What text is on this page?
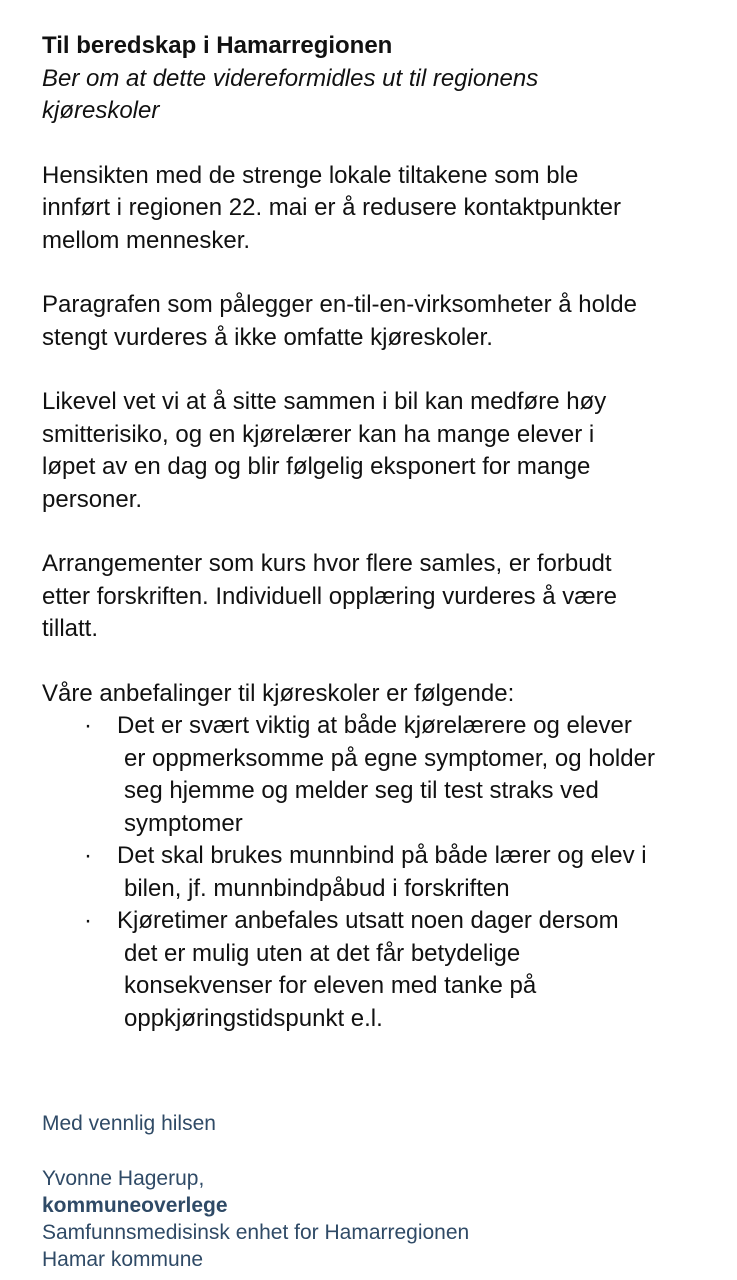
Til beredskap i Hamarregionen
Ber om at dette videreformidles ut til regionens
kjøreskoler
Hensikten med de strenge lokale tiltakene som ble
innført i regionen 22. mai er å redusere kontaktpunkter
mellom mennesker.
Paragrafen som pålegger en-til-en-virksomheter å holde
stengt vurderes å ikke omfatte kjøreskoler.
Likevel vet vi at å sitte sammen i bil kan medføre høy
smitterisiko, og en kjørelærer kan ha mange elever i
løpet av en dag og blir følgelig eksponert for mange
personer.
Arrangementer som kurs hvor flere samles, er forbudt
etter forskriften. Individuell opplæring vurderes å være
tillatt.
Våre anbefalinger til kjøreskoler er følgende:
· Det er svært viktig at både kjørelærere og elever
er oppmerksomme på egne symptomer, og holder
seg hjemme og melder seg til test straks ved
symptomer
· Det skal brukes munnbind på både lærer og elev i
bilen, jf. munnbindpåbud i forskriften
· Kjøretimer anbefales utsatt noen dager dersom
det er mulig uten at det får betydelige
konsekvenser for eleven med tanke på
oppkjøringstidspunkt e.l.
Med vennlig hilsen
Yvonne Hagerup,
kommuneoverlege
Samfunnsmedisinsk enhet for Hamarregionen
Hamar kommune
